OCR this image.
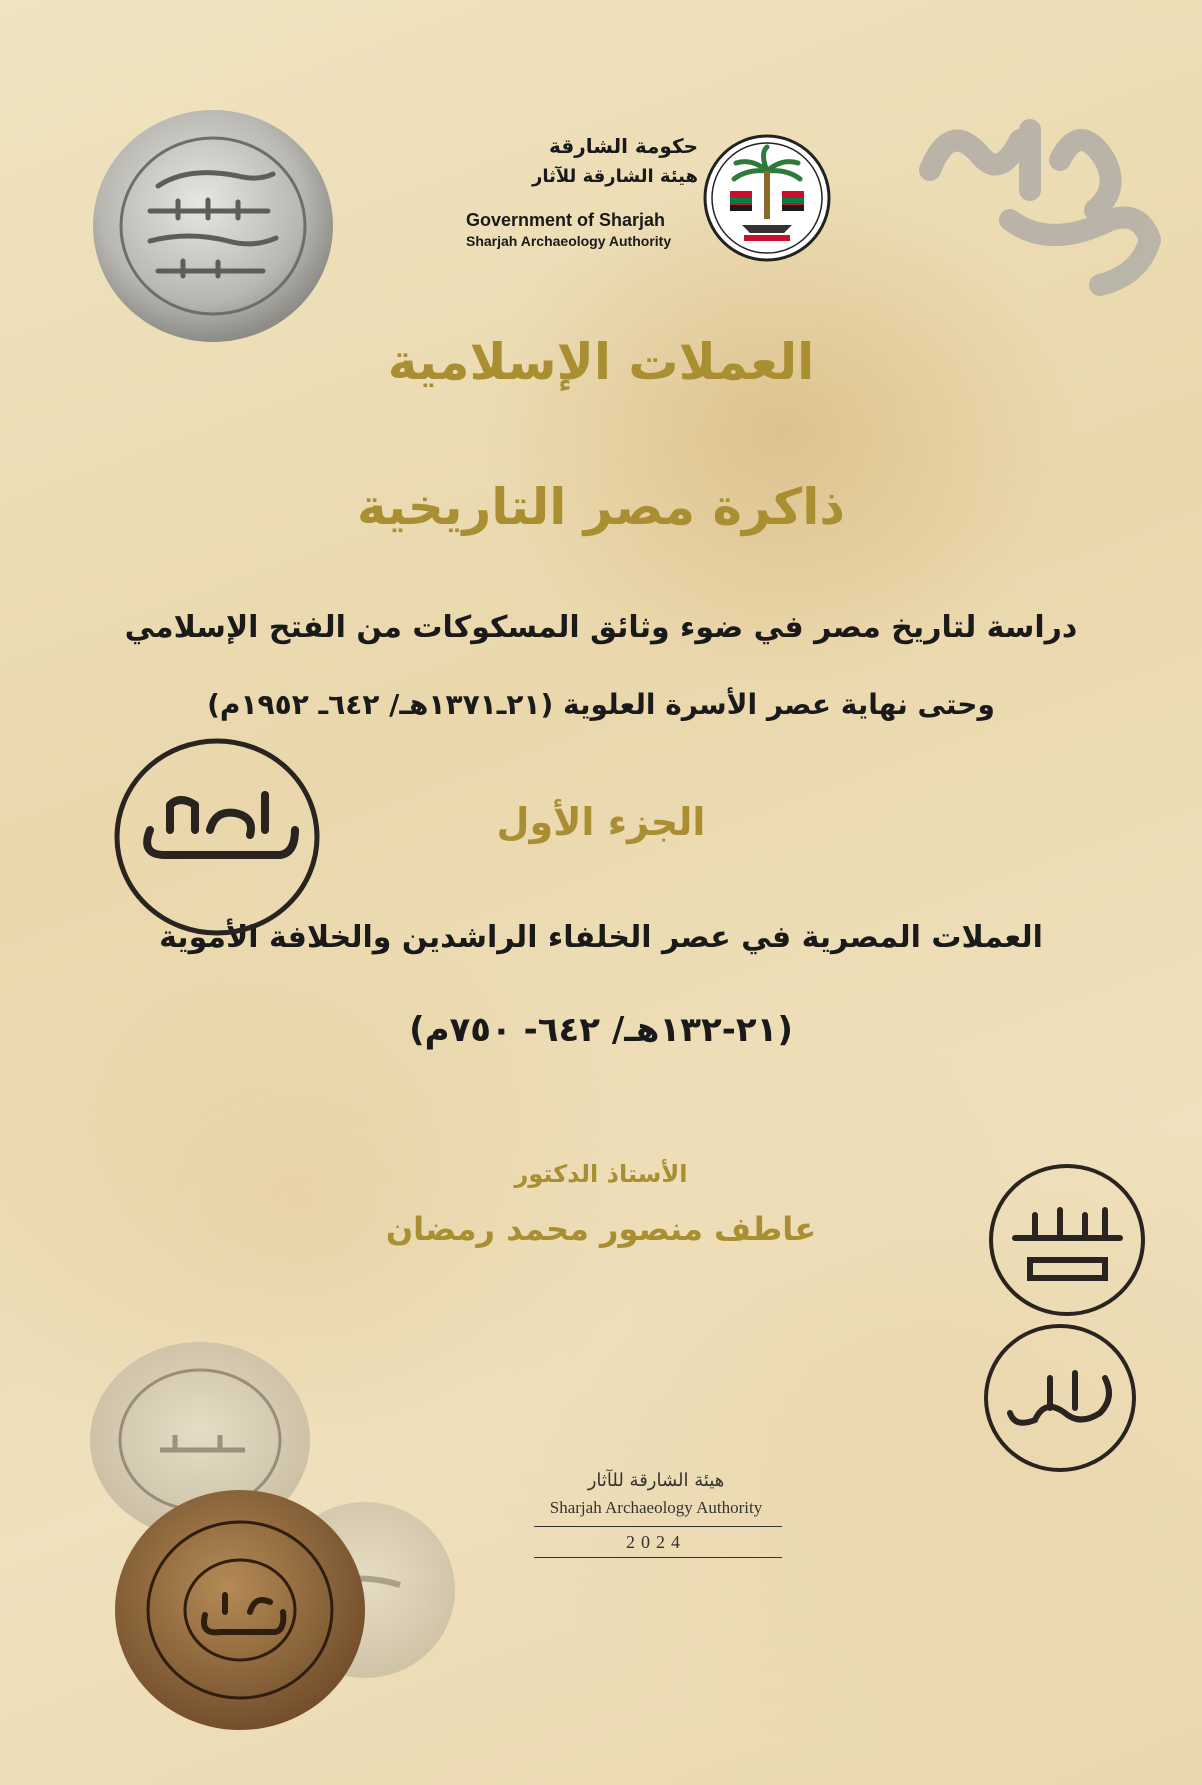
حكومة الشارقة
هيئة الشارقة للآثار
Government of Sharjah
Sharjah Archaeology Authority

العملات الإسلامية

ذاكرة مصر التاريخية

دراسة لتاريخ مصر في ضوء وثائق المسكوكات من الفتح الإسلامي

وحتى نهاية عصر الأسرة العلوية (٢١ـ١٣٧١هـ/ ٦٤٢ـ ١٩٥٢م)

الجزء الأول

العملات المصرية في عصر الخلفاء الراشدين والخلافة الأموية

(٢١-١٣٢هـ/ ٦٤٢- ٧٥٠م)

الأستاذ الدكتور

عاطف منصور محمد رمضان

هيئة الشارقة للآثار

Sharjah Archaeology Authority
2024
